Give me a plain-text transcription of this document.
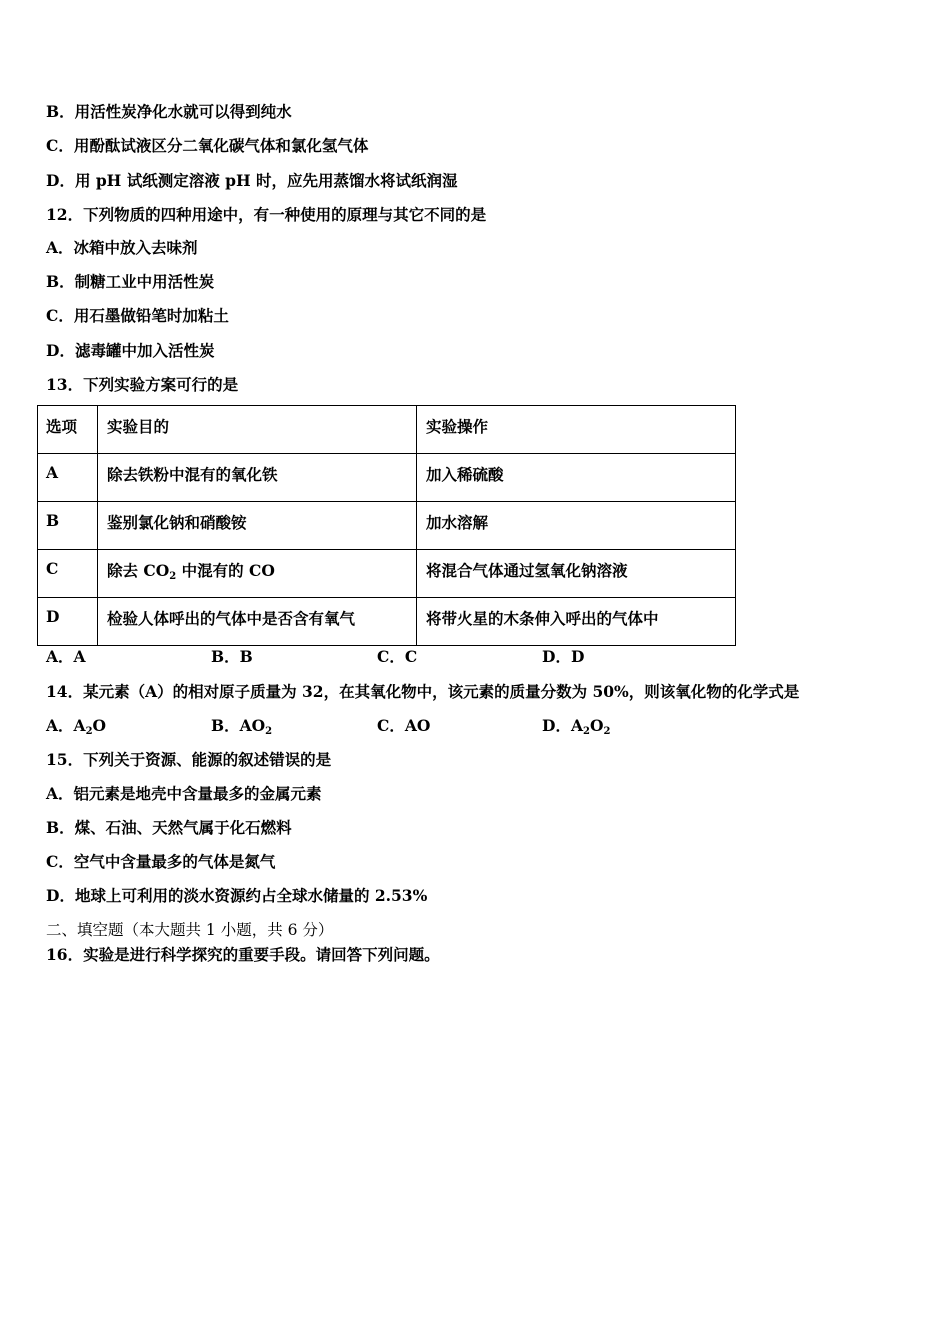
B．用活性炭净化水就可以得到纯水
C．用酚酞试液区分二氧化碳气体和氯化氢气体
D．用 pH 试纸测定溶液 pH 时，应先用蒸馏水将试纸润湿
12．下列物质的四种用途中，有一种使用的原理与其它不同的是
A．冰箱中放入去味剂
B．制糖工业中用活性炭
C．用石墨做铅笔时加粘土
D．滤毒罐中加入活性炭
13．下列实验方案可行的是
选项	实验目的	实验操作
A	除去铁粉中混有的氧化铁	加入稀硫酸
B	鉴别氯化钠和硝酸铵	加水溶解
C	除去 $CO_2$ 中混有的 CO	将混合气体通过氢氧化钠溶液
D	检验人体呼出的气体中是否含有氧气	将带火星的木条伸入呼出的气体中
A．A	B．B	C．C	D．D
14．某元素（A）的相对原子质量为 32，在其氧化物中，该元素的质量分数为 50%，则该氧化物的化学式是
A．$A_2O$	B．$AO_2$	C．AO	D．$A_2O_2$
15．下列关于资源、能源的叙述错误的是
A．铝元素是地壳中含量最多的金属元素
B．煤、石油、天然气属于化石燃料
C．空气中含量最多的气体是氮气
D．地球上可利用的淡水资源约占全球水储量的 2.53%
二、填空题（本大题共 1 小题，共 6 分）
16．实验是进行科学探究的重要手段。请回答下列问题。
